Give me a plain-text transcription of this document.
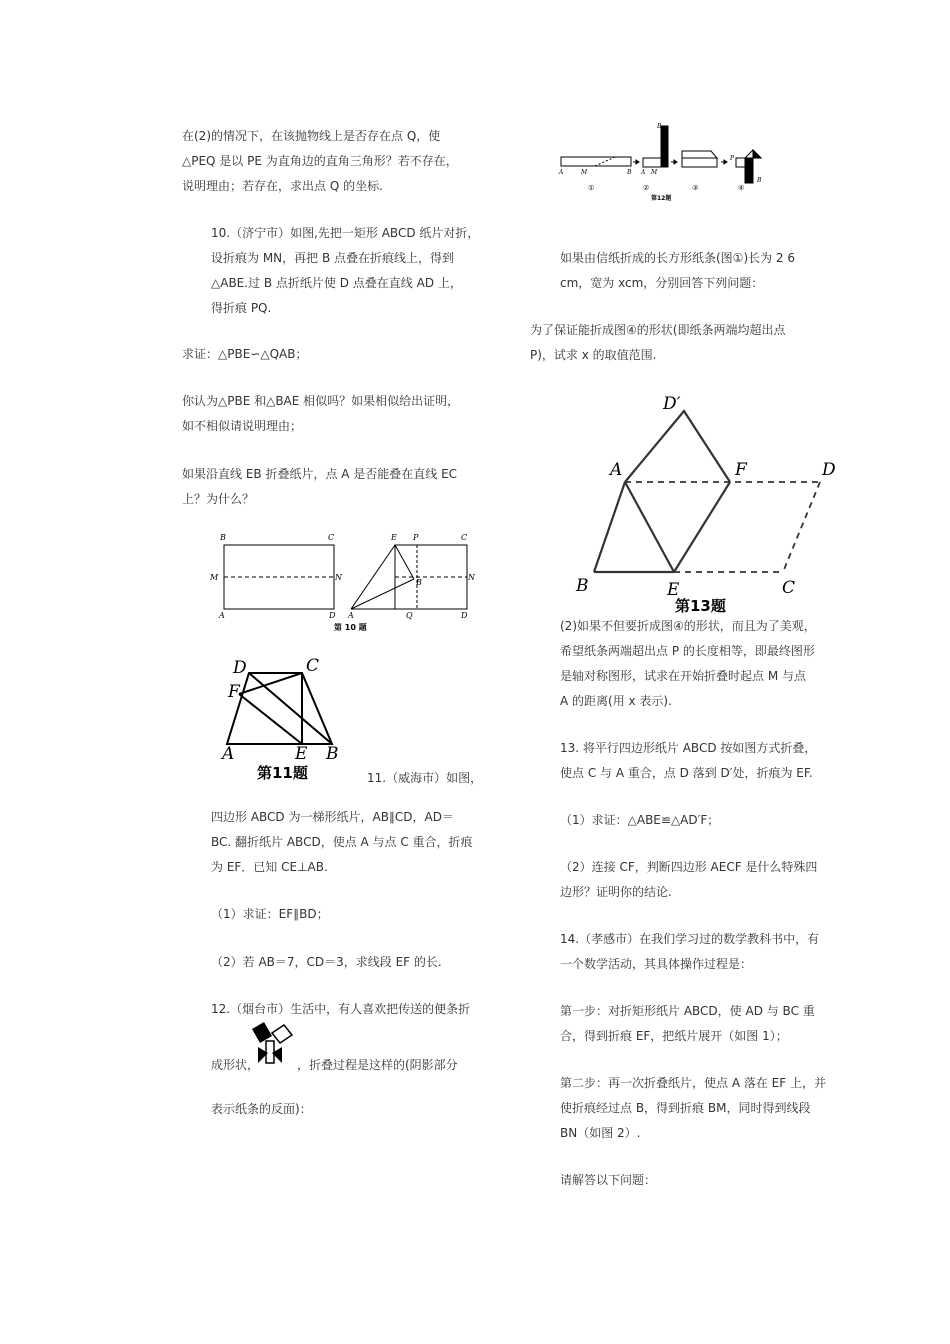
在(2)的情况下，在该抛物线上是否存在点 Q，使

△PEQ 是以 PE 为直角边的直角三角形？若不存在，

说明理由；若存在，求出点 Q 的坐标.

10.（济宁市）如图,先把一矩形 ABCD 纸片对折，

设折痕为 MN，再把 B 点叠在折痕线上，得到

△ABE.过 B 点折纸片使 D 点叠在直线 AD 上，

得折痕 PQ.

求证：△PBE∽△QAB；

你认为△PBE 和△BAE 相似吗？如果相似给出证明，

如不相似请说明理由；

如果沿直线 EB 折叠纸片，点 A 是否能叠在直线 EC

上？为什么？

B	C
M	N
A	D
E P	C
B
N
A	Q	D
第 10 题
D	C
F
A	E B
第11题	11.（威海市）如图，

四边形 ABCD 为一梯形纸片，AB∥CD，AD＝

BC. 翻折纸片 ABCD，使点 A 与点 C 重合，折痕

为 EF．已知 CE⊥AB.

（1）求证：EF∥BD；

（2）若 AB＝7，CD＝3，求线段 EF 的长.

12.（烟台市）生活中，有人喜欢把传送的便条折

成形状，	，折叠过程是这样的(阴影部分

表示纸条的反面)：

A	M	B
B
A M
P
B
①	②	③	④
第12题

如果由信纸折成的长方形纸条(图①)长为 2 6

cm，宽为 xcm，分别回答下列问题：

为了保证能折成图④的形状(即纸条两端均超出点

P)，试求 x 的取值范围.

D′
A	F	D
B	E	C
第13题

(2)如果不但要折成图④的形状，而且为了美观，

希望纸条两端超出点 P 的长度相等，即最终图形

是轴对称图形，试求在开始折叠时起点 M 与点

A 的距离(用 x 表示).

13. 将平行四边形纸片 ABCD 按如图方式折叠，

使点 C 与 A 重合，点 D 落到 D′处，折痕为 EF.

（1）求证：△ABE≌△AD′F；

（2）连接 CF，判断四边形 AECF 是什么特殊四

边形？证明你的结论.

14.（孝感市）在我们学习过的数学教科书中，有

一个数学活动，其具体操作过程是：

第一步：对折矩形纸片 ABCD，使 AD 与 BC 重

合，得到折痕 EF，把纸片展开（如图 1）；

第二步：再一次折叠纸片，使点 A 落在 EF 上，并

使折痕经过点 B，得到折痕 BM，同时得到线段

BN（如图 2）.

请解答以下问题：
